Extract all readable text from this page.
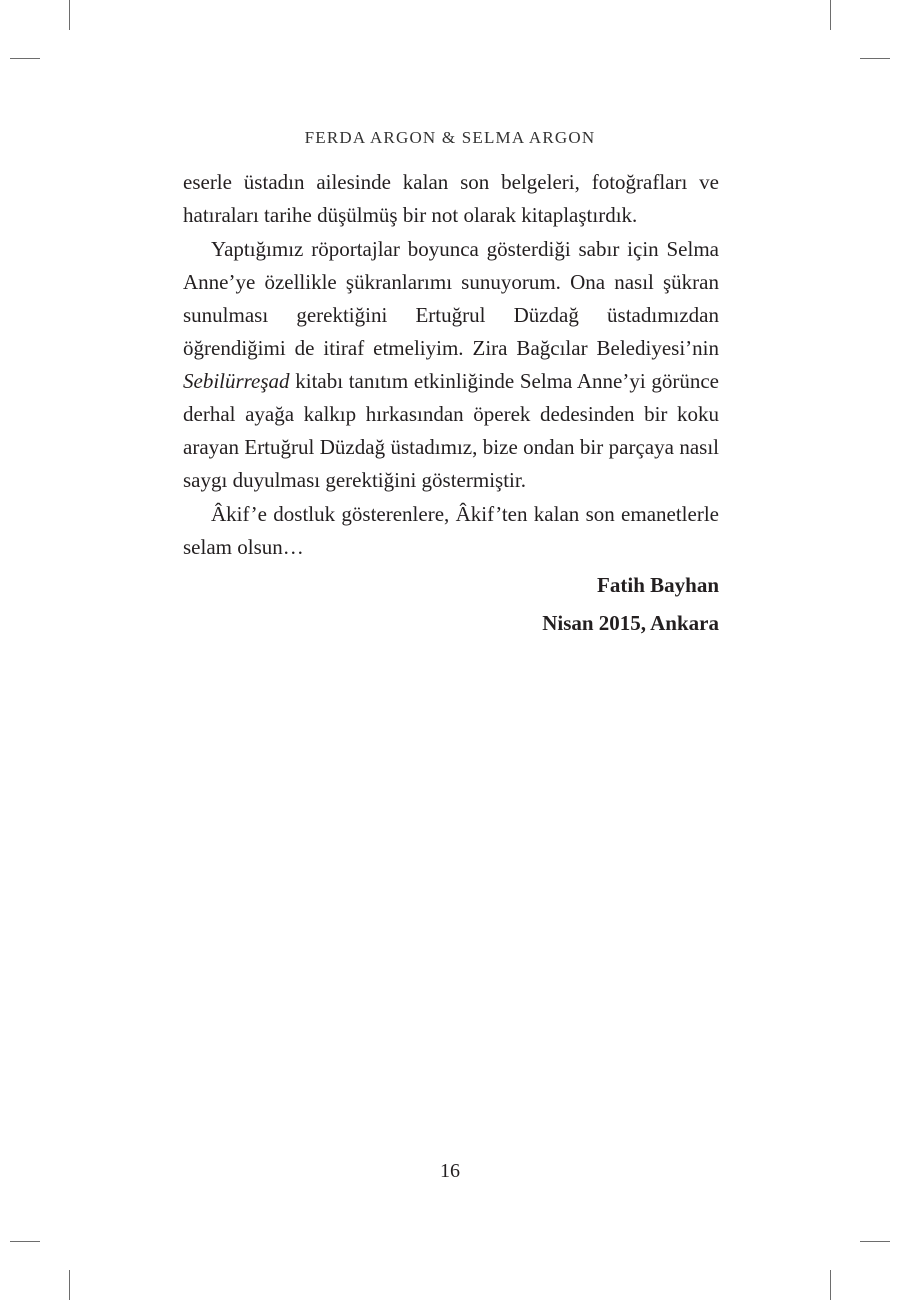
FERDA ARGON & SELMA ARGON

eserle üstadın ailesinde kalan son belgeleri, fotoğrafları ve hatıraları tarihe düşülmüş bir not olarak kitaplaştırdık.

Yaptığımız röportajlar boyunca gösterdiği sabır için Selma Anne’ye özellikle şükranlarımı sunuyorum. Ona nasıl şükran sunulması gerektiğini Ertuğrul Düzdağ üstadımızdan öğrendiğimi de itiraf etmeliyim. Zira Bağcılar Belediyesi’nin Sebilürreşad kitabı tanıtım etkinliğinde Selma Anne’yi görünce derhal ayağa kalkıp hırkasından öperek dedesinden bir koku arayan Ertuğrul Düzdağ üstadımız, bize ondan bir parçaya nasıl saygı duyulması gerektiğini göstermiştir.

Âkif’e dostluk gösterenlere, Âkif’ten kalan son emanetlerle selam olsun…

Fatih Bayhan
Nisan 2015, Ankara
16
